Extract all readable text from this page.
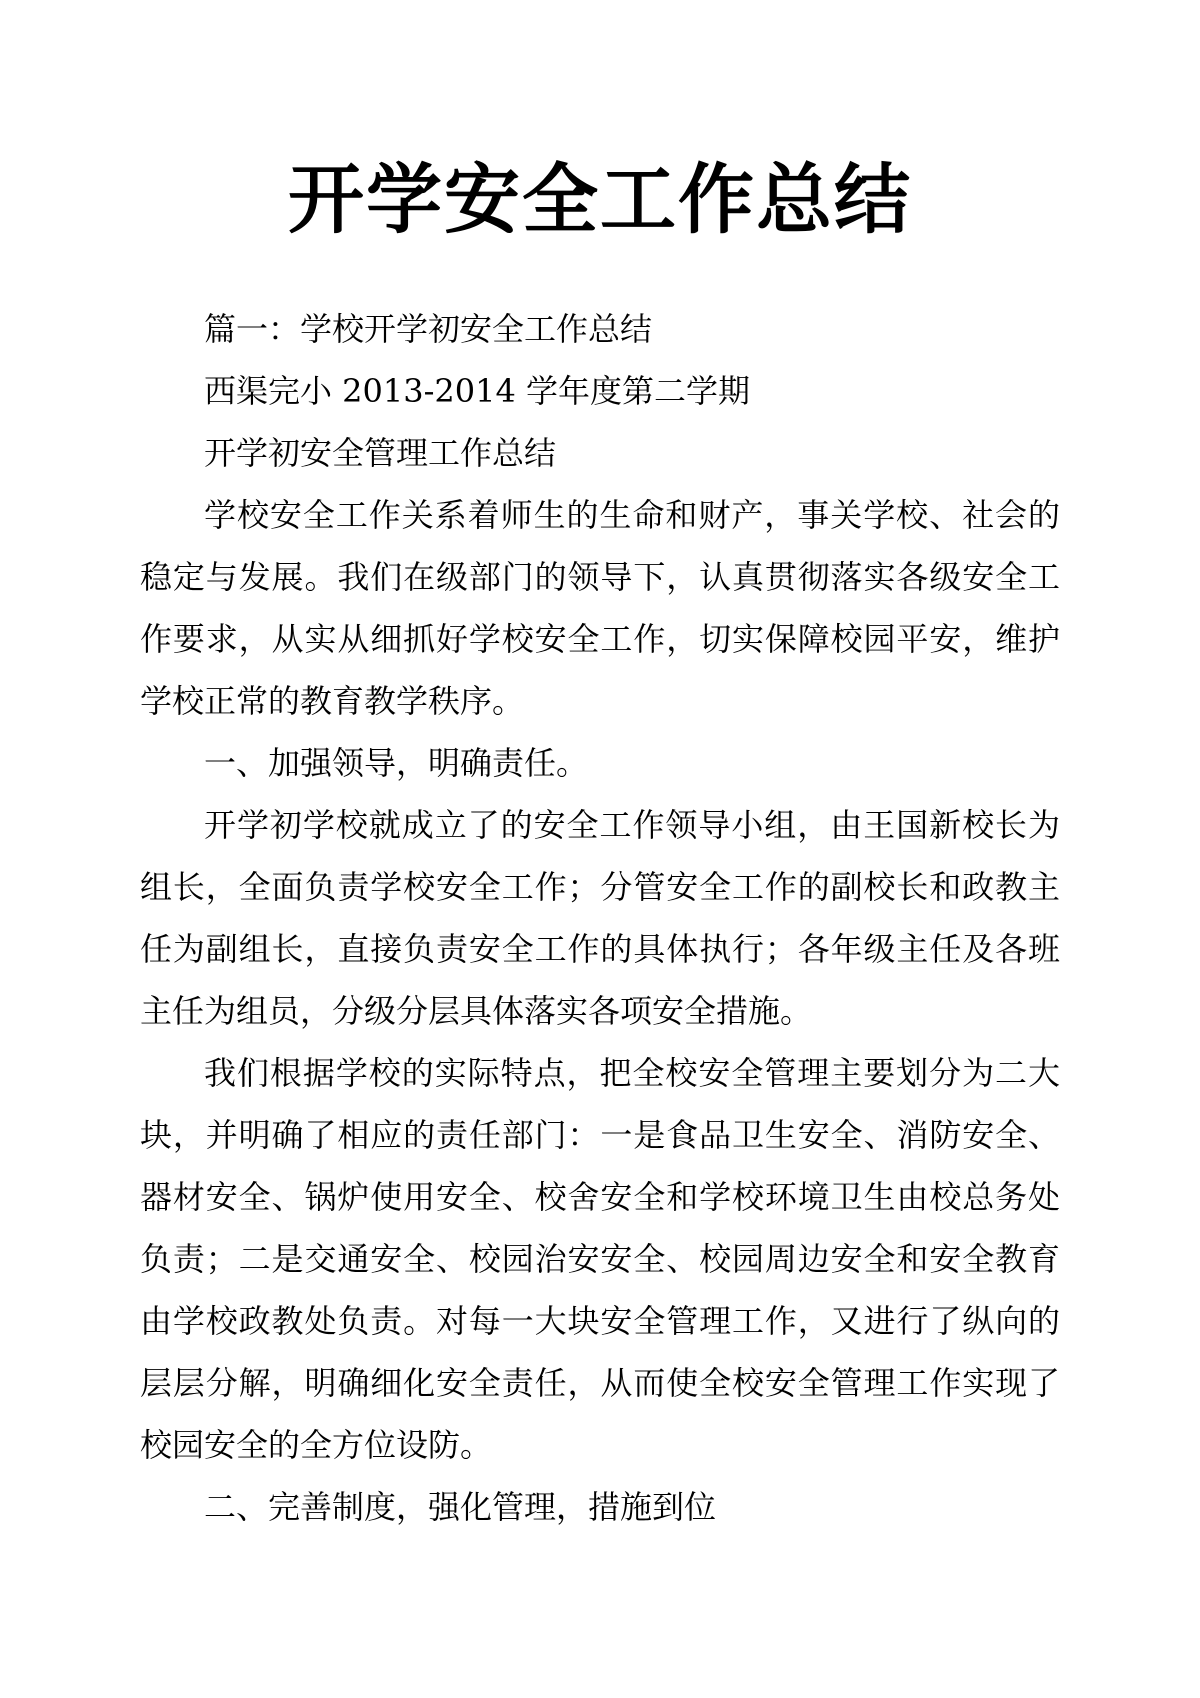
开学安全工作总结

篇一：学校开学初安全工作总结

西渠完小 2013-2014 学年度第二学期

开学初安全管理工作总结

学校安全工作关系着师生的生命和财产，事关学校、社会的稳定与发展。我们在级部门的领导下，认真贯彻落实各级安全工作要求，从实从细抓好学校安全工作，切实保障校园平安，维护学校正常的教育教学秩序。

一、加强领导，明确责任。

开学初学校就成立了的安全工作领导小组，由王国新校长为组长，全面负责学校安全工作；分管安全工作的副校长和政教主任为副组长，直接负责安全工作的具体执行；各年级主任及各班主任为组员，分级分层具体落实各项安全措施。

我们根据学校的实际特点，把全校安全管理主要划分为二大块，并明确了相应的责任部门：一是食品卫生安全、消防安全、器材安全、锅炉使用安全、校舍安全和学校环境卫生由校总务处负责；二是交通安全、校园治安安全、校园周边安全和安全教育由学校政教处负责。对每一大块安全管理工作，又进行了纵向的层层分解，明确细化安全责任，从而使全校安全管理工作实现了校园安全的全方位设防。

二、完善制度，强化管理，措施到位
